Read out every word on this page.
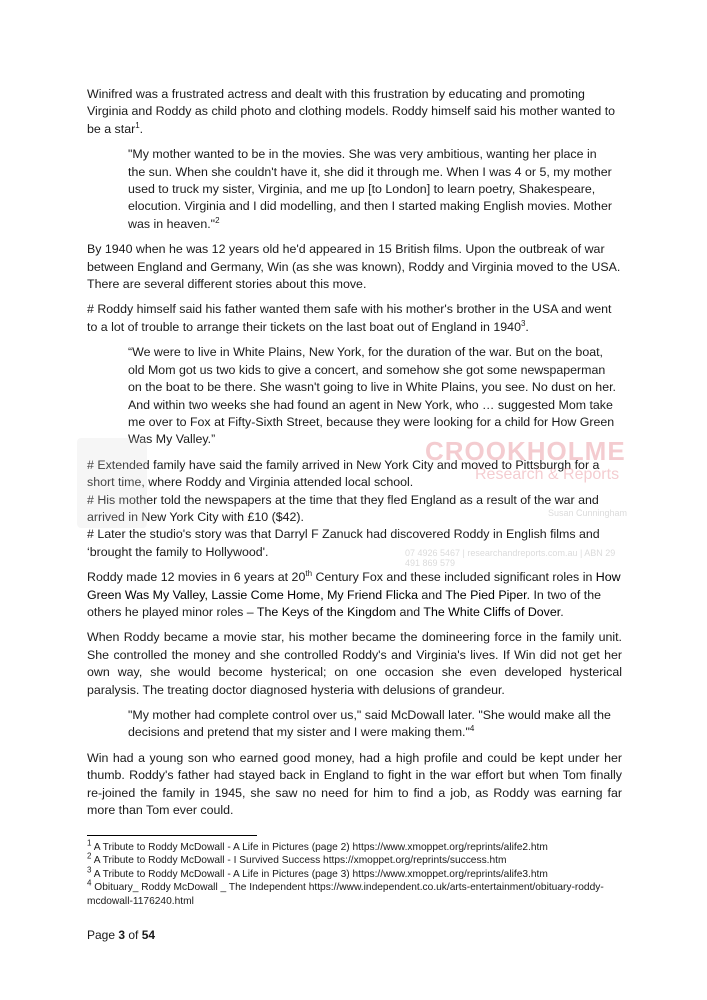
Winifred was a frustrated actress and dealt with this frustration by educating and promoting Virginia and Roddy as child photo and clothing models. Roddy himself said his mother wanted to be a star$^1$.

"My mother wanted to be in the movies. She was very ambitious, wanting her place in the sun. When she couldn't have it, she did it through me. When I was 4 or 5, my mother used to truck my sister, Virginia, and me up [to London] to learn poetry, Shakespeare, elocution. Virginia and I did modelling, and then I started making English movies. Mother was in heaven."$^2$

By 1940 when he was 12 years old he'd appeared in 15 British films. Upon the outbreak of war between England and Germany, Win (as she was known), Roddy and Virginia moved to the USA. There are several different stories about this move.

# Roddy himself said his father wanted them safe with his mother's brother in the USA and went to a lot of trouble to arrange their tickets on the last boat out of England in 1940$^3$.

“We were to live in White Plains, New York, for the duration of the war. But on the boat, old Mom got us two kids to give a concert, and somehow she got some newspaperman on the boat to be there. She wasn't going to live in White Plains, you see. No dust on her. And within two weeks she had found an agent in New York, who … suggested Mom take me over to Fox at Fifty-Sixth Street, because they were looking for a child for How Green Was My Valley.”

# Extended family have said the family arrived in New York City and moved to Pittsburgh for a short time, where Roddy and Virginia attended local school.

# His mother told the newspapers at the time that they fled England as a result of the war and arrived in New York City with £10 ($42).

# Later the studio's story was that Darryl F Zanuck had discovered Roddy in English films and ‘brought the family to Hollywood'.

Roddy made 12 movies in 6 years at 20th Century Fox and these included significant roles in How Green Was My Valley, Lassie Come Home, My Friend Flicka and The Pied Piper. In two of the others he played minor roles – The Keys of the Kingdom and The White Cliffs of Dover.

When Roddy became a movie star, his mother became the domineering force in the family unit. She controlled the money and she controlled Roddy's and Virginia's lives. If Win did not get her own way, she would become hysterical; on one occasion she even developed hysterical paralysis. The treating doctor diagnosed hysteria with delusions of grandeur.

"My mother had complete control over us," said McDowall later. "She would make all the decisions and pretend that my sister and I were making them."$^4$

Win had a young son who earned good money, had a high profile and could be kept under her thumb. Roddy's father had stayed back in England to fight in the war effort but when Tom finally re-joined the family in 1945, she saw no need for him to find a job, as Roddy was earning far more than Tom ever could.

CROOKHOLME
Research & Reports
Susan Cunningham
07 4926 5467 | researchandreports.com.au | ABN 29 491 869 579

$^1$ A Tribute to Roddy McDowall - A Life in Pictures (page 2) https://www.xmoppet.org/reprints/alife2.htm

$^2$ A Tribute to Roddy McDowall - I Survived Success https://xmoppet.org/reprints/success.htm

$^3$ A Tribute to Roddy McDowall - A Life in Pictures (page 3) https://www.xmoppet.org/reprints/alife3.htm

$^4$ Obituary_ Roddy McDowall _ The Independent https://www.independent.co.uk/arts-entertainment/obituary-roddy-mcdowall-1176240.html

Page 3 of 54
